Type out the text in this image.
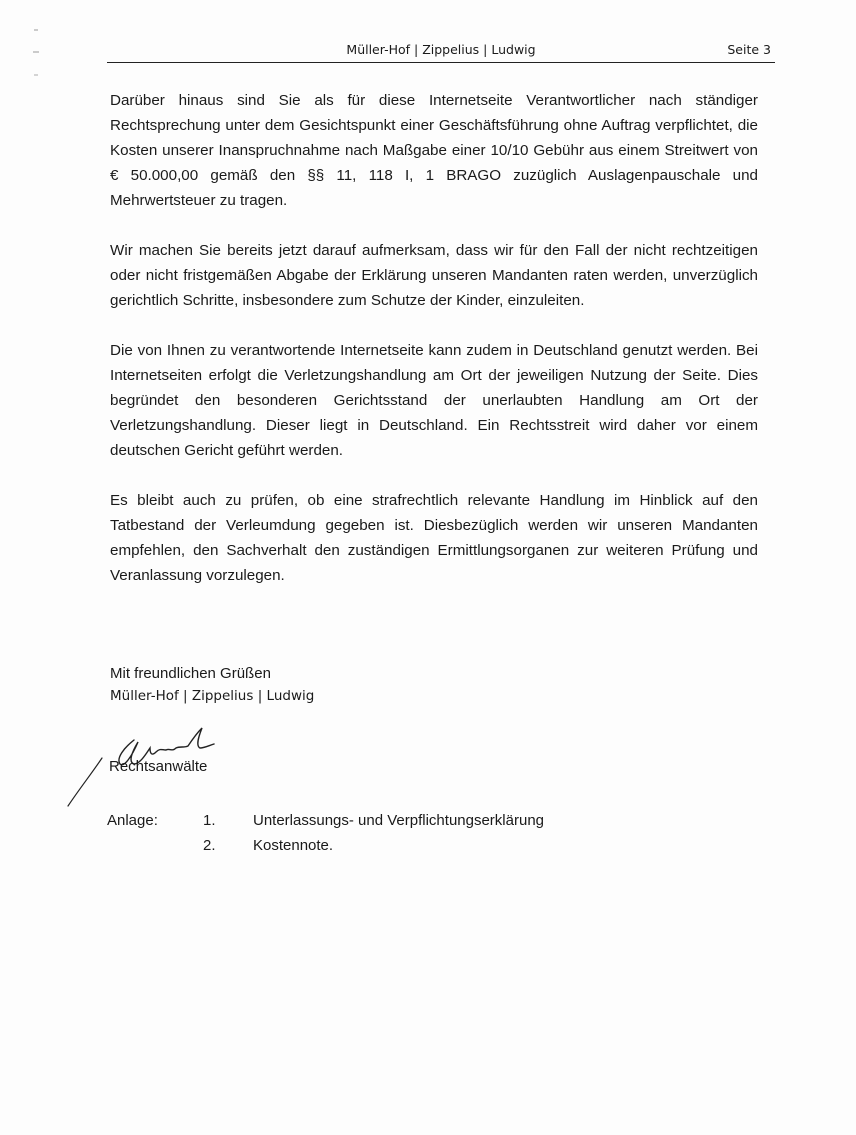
Müller-Hof | Zippelius | Ludwig	Seite 3

Darüber hinaus sind Sie als für diese Internetseite Verantwortlicher nach ständiger Rechtsprechung unter dem Gesichtspunkt einer Geschäftsführung ohne Auftrag verpflichtet, die Kosten unserer Inanspruchnahme nach Maßgabe einer 10/10 Gebühr aus einem Streitwert von € 50.000,00 gemäß den §§ 11, 118 I, 1 BRAGO zuzüglich Auslagenpauschale und Mehrwertsteuer zu tragen.

Wir machen Sie bereits jetzt darauf aufmerksam, dass wir für den Fall der nicht rechtzeitigen oder nicht fristgemäßen Abgabe der Erklärung unseren Mandanten raten werden, unverzüglich gerichtlich Schritte, insbesondere zum Schutze der Kinder, einzuleiten.

Die von Ihnen zu verantwortende Internetseite kann zudem in Deutschland genutzt werden. Bei Internetseiten erfolgt die Verletzungshandlung am Ort der jeweiligen Nutzung der Seite. Dies begründet den besonderen Gerichtsstand der unerlaubten Handlung am Ort der Verletzungshandlung. Dieser liegt in Deutschland. Ein Rechtsstreit wird daher vor einem deutschen Gericht geführt werden.

Es bleibt auch zu prüfen, ob eine strafrechtlich relevante Handlung im Hinblick auf den Tatbestand der Verleumdung gegeben ist. Diesbezüglich werden wir unseren Mandanten empfehlen, den Sachverhalt den zuständigen Ermittlungsorganen zur weiteren Prüfung und Veranlassung vorzulegen.

Mit freundlichen Grüßen
Müller-Hof | Zippelius | Ludwig
Rechtsanwälte
Anlage:	1. Unterlassungs- und Verpflichtungserklärung
2. Kostennote.
